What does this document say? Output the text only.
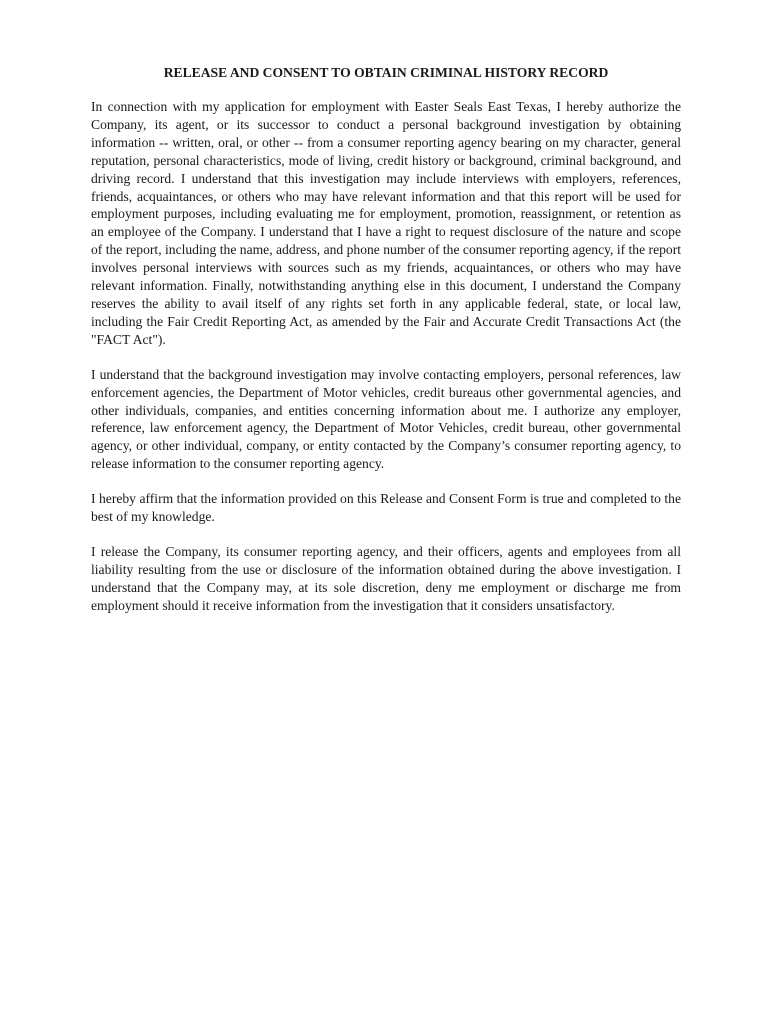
RELEASE AND CONSENT TO OBTAIN CRIMINAL HISTORY RECORD

In connection with my application for employment with Easter Seals East Texas, I hereby authorize the Company, its agent, or its successor to conduct a personal background investigation by obtaining information -- written, oral, or other -- from a consumer reporting agency bearing on my character, general reputation, personal characteristics, mode of living, credit history or background, criminal background, and driving record. I understand that this investigation may include interviews with employers, references, friends, acquaintances, or others who may have relevant information and that this report will be used for employment purposes, including evaluating me for employment, promotion, reassignment, or retention as an employee of the Company. I understand that I have a right to request disclosure of the nature and scope of the report, including the name, address, and phone number of the consumer reporting agency, if the report involves personal interviews with sources such as my friends, acquaintances, or others who may have relevant information. Finally, notwithstanding anything else in this document, I understand the Company reserves the ability to avail itself of any rights set forth in any applicable federal, state, or local law, including the Fair Credit Reporting Act, as amended by the Fair and Accurate Credit Transactions Act (the "FACT Act").

I understand that the background investigation may involve contacting employers, personal references, law enforcement agencies, the Department of Motor vehicles, credit bureaus other governmental agencies, and other individuals, companies, and entities concerning information about me. I authorize any employer, reference, law enforcement agency, the Department of Motor Vehicles, credit bureau, other governmental agency, or other individual, company, or entity contacted by the Company’s consumer reporting agency, to release information to the consumer reporting agency.

I hereby affirm that the information provided on this Release and Consent Form is true and completed to the best of my knowledge.

I release the Company, its consumer reporting agency, and their officers, agents and employees from all liability resulting from the use or disclosure of the information obtained during the above investigation. I understand that the Company may, at its sole discretion, deny me employment or discharge me from employment should it receive information from the investigation that it considers unsatisfactory.
